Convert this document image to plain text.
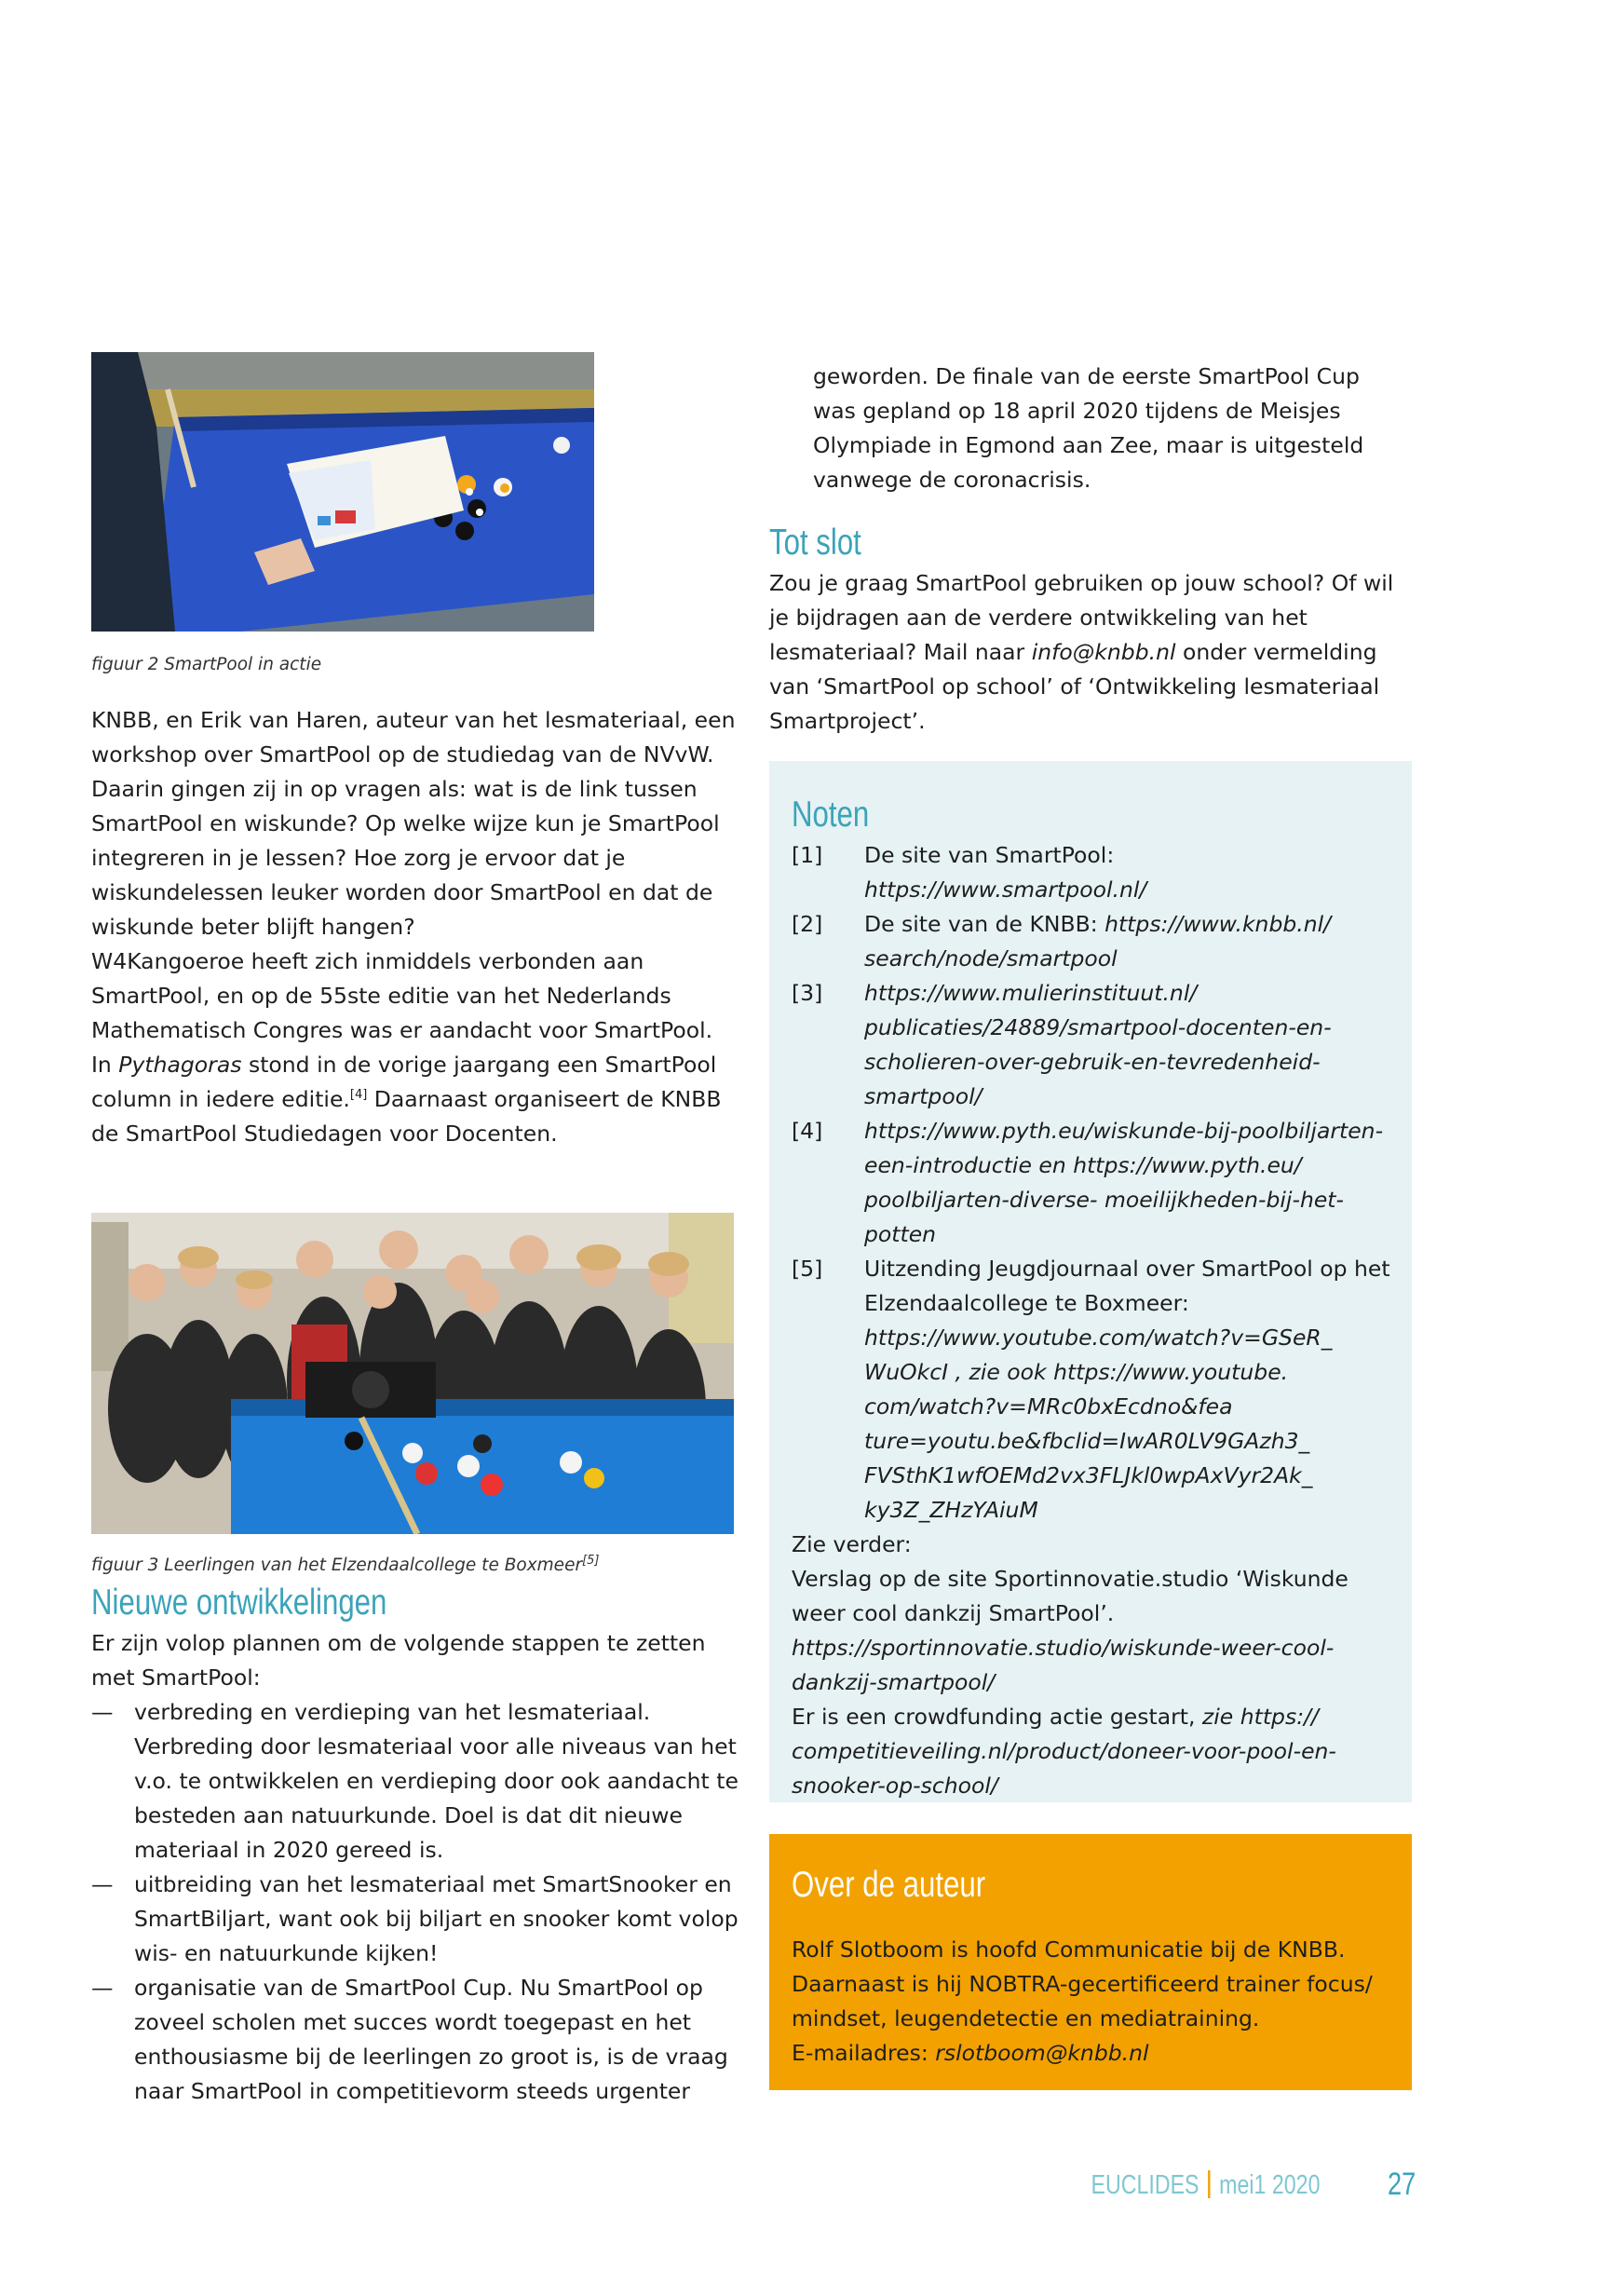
figuur 2 SmartPool in actie

KNBB, en Erik van Haren, auteur van het lesmateriaal, een workshop over SmartPool op de studiedag van de NVvW. Daarin gingen zij in op vragen als: wat is de link tussen SmartPool en wiskunde? Op welke wijze kun je SmartPool integreren in je lessen? Hoe zorg je ervoor dat je wiskundelessen leuker worden door SmartPool en dat de wiskunde beter blijft hangen?

W4Kangoeroe heeft zich inmiddels verbonden aan SmartPool, en op de 55ste editie van het Nederlands Mathematisch Congres was er aandacht voor SmartPool.

In Pythagoras stond in de vorige jaargang een SmartPool column in iedere editie.[4] Daarnaast organiseert de KNBB de SmartPool Studiedagen voor Docenten.

figuur 3 Leerlingen van het Elzendaalcollege te Boxmeer[5]
Nieuwe ontwikkelingen

Er zijn volop plannen om de volgende stappen te zetten met SmartPool:

— verbreding en verdieping van het lesmateriaal. Verbreding door lesmateriaal voor alle niveaus van het v.o. te ontwikkelen en verdieping door ook aandacht te besteden aan natuurkunde. Doel is dat dit nieuwe materiaal in 2020 gereed is.
— uitbreiding van het lesmateriaal met SmartSnooker en SmartBiljart, want ook bij biljart en snooker komt volop wis- en natuurkunde kijken!
— organisatie van de SmartPool Cup. Nu SmartPool op zoveel scholen met succes wordt toegepast en het enthousiasme bij de leerlingen zo groot is, is de vraag naar SmartPool in competitievorm steeds urgenter
geworden. De finale van de eerste SmartPool Cup was gepland op 18 april 2020 tijdens de Meisjes Olympiade in Egmond aan Zee, maar is uitgesteld vanwege de coronacrisis.
Tot slot
Zou je graag SmartPool gebruiken op jouw school? Of wil je bijdragen aan de verdere ontwikkeling van het lesmateriaal? Mail naar info@knbb.nl onder vermelding van ‘SmartPool op school’ of ‘Ontwikkeling lesmateriaal Smartproject’.
Noten
[1] De site van SmartPool: https://www.smartpool.nl/
[2] De site van de KNBB: https://www.knbb.nl/ search/node/smartpool
[3] https://www.mulierinstituut.nl/ publicaties/24889/smartpool-docenten-en-scholieren-over-gebruik-en-tevredenheid-smartpool/
[4] https://www.pyth.eu/wiskunde-bij-poolbiljarten-een-introductie en https://www.pyth.eu/ poolbiljarten-diverse- moeilijkheden-bij-het-potten
[5] Uitzending Jeugdjournaal over SmartPool op het Elzendaalcollege te Boxmeer: https://www.youtube.com/watch?v=GSeR_ WuOkcI , zie ook https://www.youtube. com/watch?v=MRc0bxEcdno&fea ture=youtu.be&fbclid=IwAR0LV9GAzh3_ FVSthK1wfOEMd2vx3FLJkl0wpAxVyr2Ak_ ky3Z_ZHzYAiuM

Zie verder:

Verslag op de site Sportinnovatie.studio ‘Wiskunde weer cool dankzij SmartPool’.

https://sportinnovatie.studio/wiskunde-weer-cool-dankzij-smartpool/

Er is een crowdfunding actie gestart, zie https:// competitieveiling.nl/product/doneer-voor-pool-en-snooker-op-school/

Over de auteur

Rolf Slotboom is hoofd Communicatie bij de KNBB. Daarnaast is hij NOBTRA-gecertificeerd trainer focus/ mindset, leugendetectie en mediatraining.

E-mailadres: rslotboom@knbb.nl

EUCLIDES mei1 2020 27
